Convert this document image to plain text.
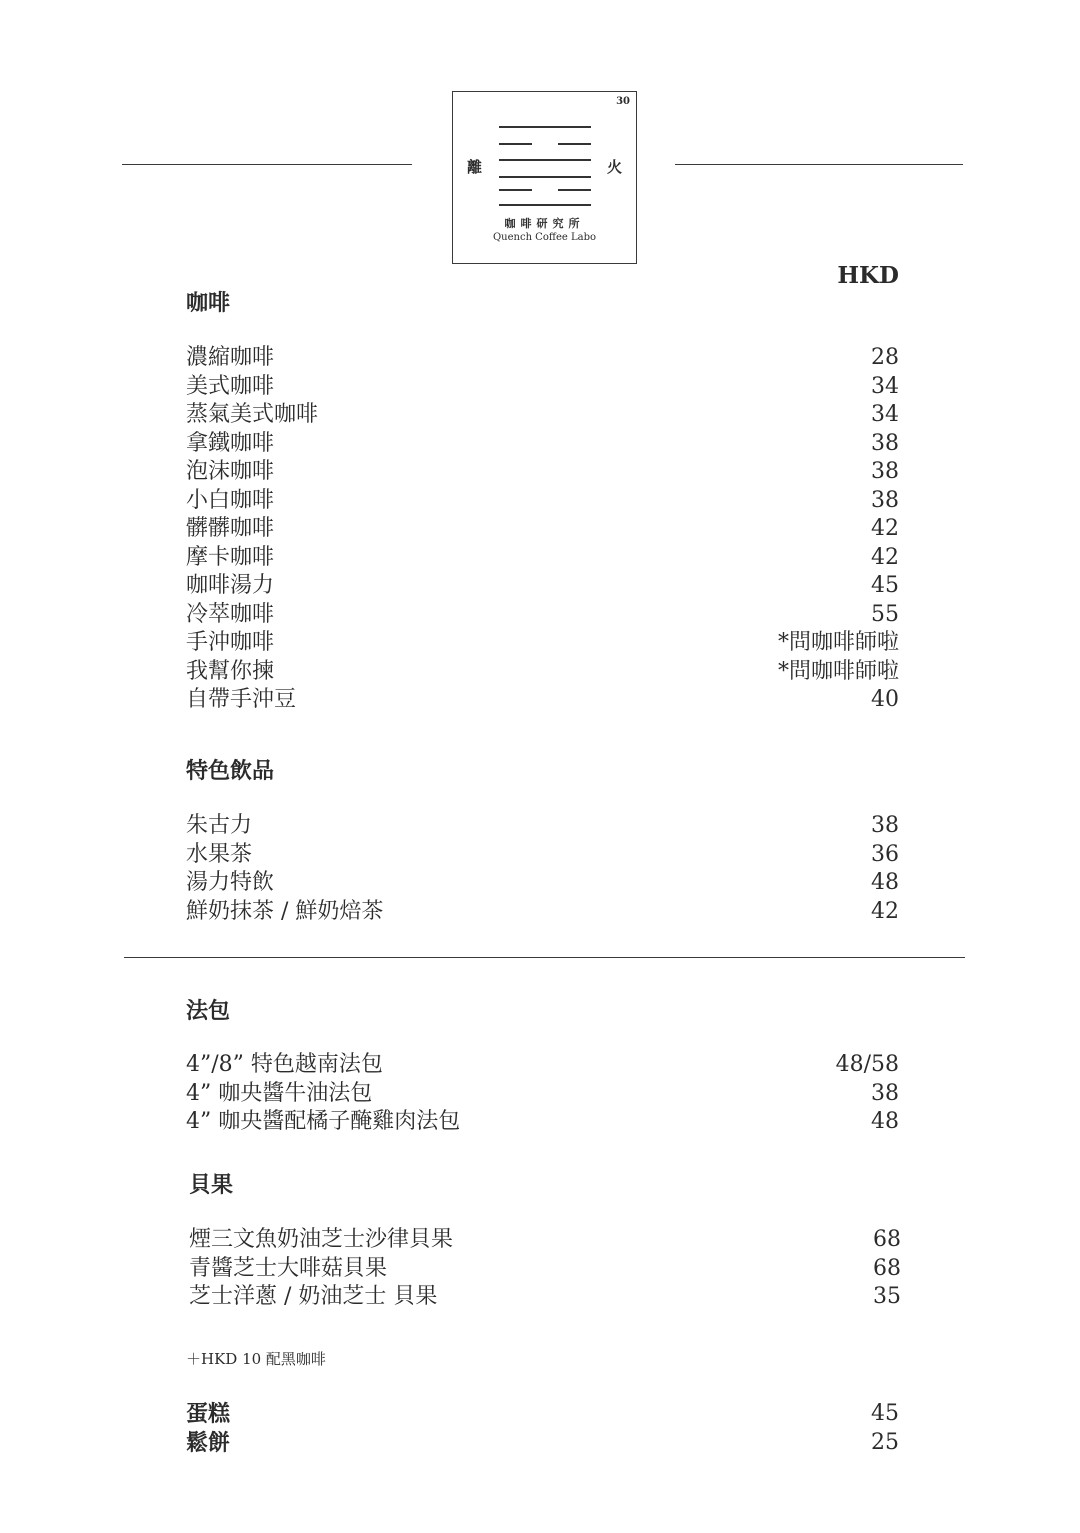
30
離	火
咖啡研究所
Quench Coffee Labo
HKD
咖啡
濃縮咖啡	28
美式咖啡	34
蒸氣美式咖啡	34
拿鐵咖啡	38
泡沫咖啡	38
小白咖啡	38
髒髒咖啡	42
摩卡咖啡	42
咖啡湯力	45
冷萃咖啡	55
手沖咖啡	*問咖啡師啦
我幫你揀	*問咖啡師啦
自帶手沖豆	40
特色飲品
朱古力	38
水果茶	36
湯力特飲	48
鮮奶抹茶 / 鮮奶焙茶	42
法包
4”/8” 特色越南法包	48/58
4” 咖央醬牛油法包	38
4” 咖央醬配橘子醃雞肉法包	48
貝果
煙三文魚奶油芝士沙律貝果	68
青醬芝士大啡菇貝果	68
芝士洋蔥 / 奶油芝士 貝果	35
＋HKD 10 配黑咖啡
蛋糕	45
鬆餅	25
